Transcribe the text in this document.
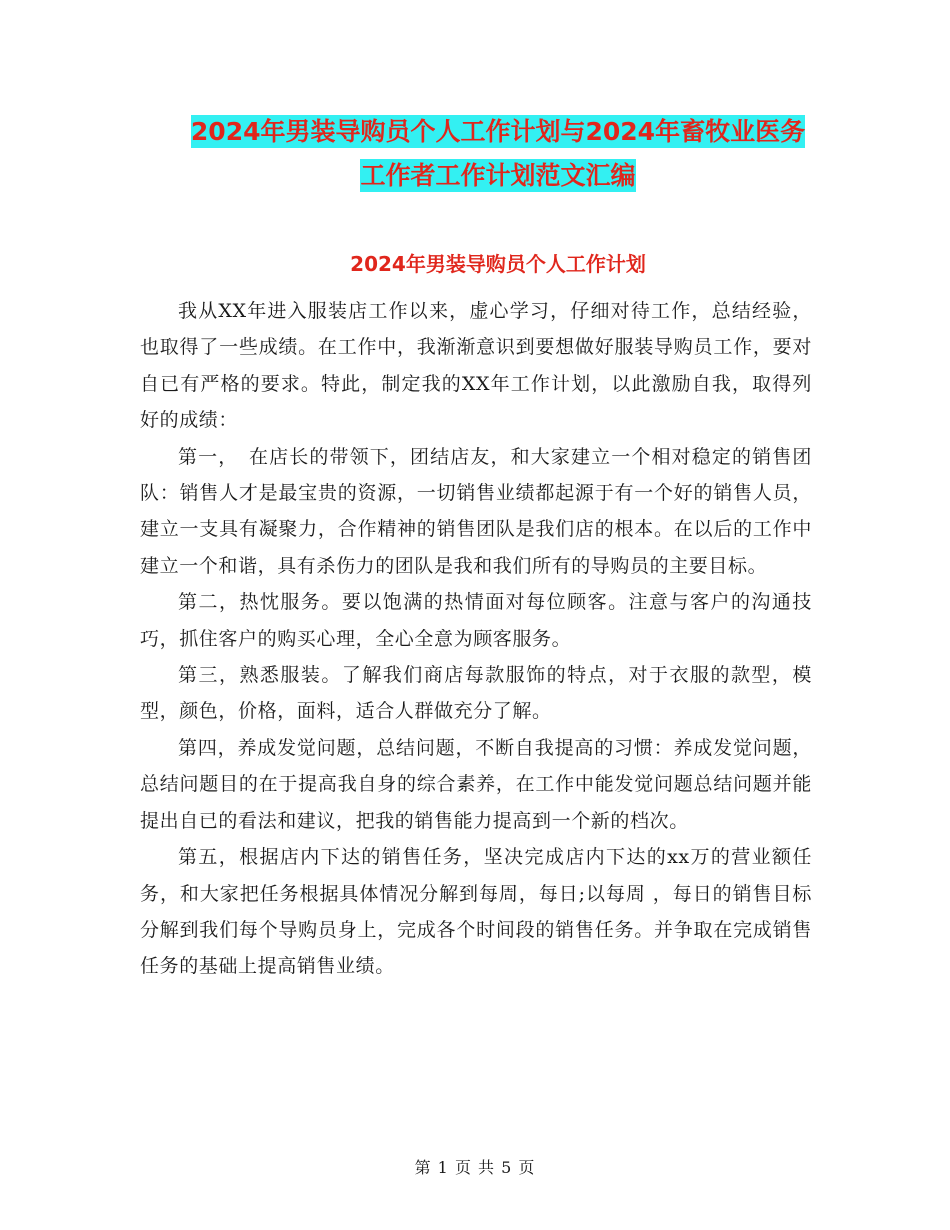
2024年男装导购员个人工作计划与2024年畜牧业医务
工作者工作计划范文汇编
2024年男装导购员个人工作计划

我从XX年进入服装店工作以来，虚心学习，仔细对待工作，总结经验，也取得了一些成绩。在工作中，我渐渐意识到要想做好服装导购员工作，要对自已有严格的要求。特此，制定我的XX年工作计划，以此激励自我，取得列好的成绩：

第一，　在店长的带领下，团结店友，和大家建立一个相对稳定的销售团队：销售人才是最宝贵的资源，一切销售业绩都起源于有一个好的销售人员，建立一支具有凝聚力，合作精神的销售团队是我们店的根本。在以后的工作中建立一个和谐，具有杀伤力的团队是我和我们所有的导购员的主要目标。

第二，热忱服务。要以饱满的热情面对每位顾客。注意与客户的沟通技巧，抓住客户的购买心理，全心全意为顾客服务。

第三，熟悉服装。了解我们商店每款服饰的特点，对于衣服的款型，模型，颜色，价格，面料，适合人群做充分了解。

第四，养成发觉问题，总结问题，不断自我提高的习惯：养成发觉问题，总结问题目的在于提高我自身的综合素养，在工作中能发觉问题总结问题并能提出自已的看法和建议，把我的销售能力提高到一个新的档次。

第五，根据店内下达的销售任务，坚决完成店内下达的xx万的营业额任务，和大家把任务根据具体情况分解到每周，每日;以每周 ，每日的销售目标分解到我们每个导购员身上，完成各个时间段的销售任务。并争取在完成销售任务的基础上提高销售业绩。

第 1 页 共 5 页
